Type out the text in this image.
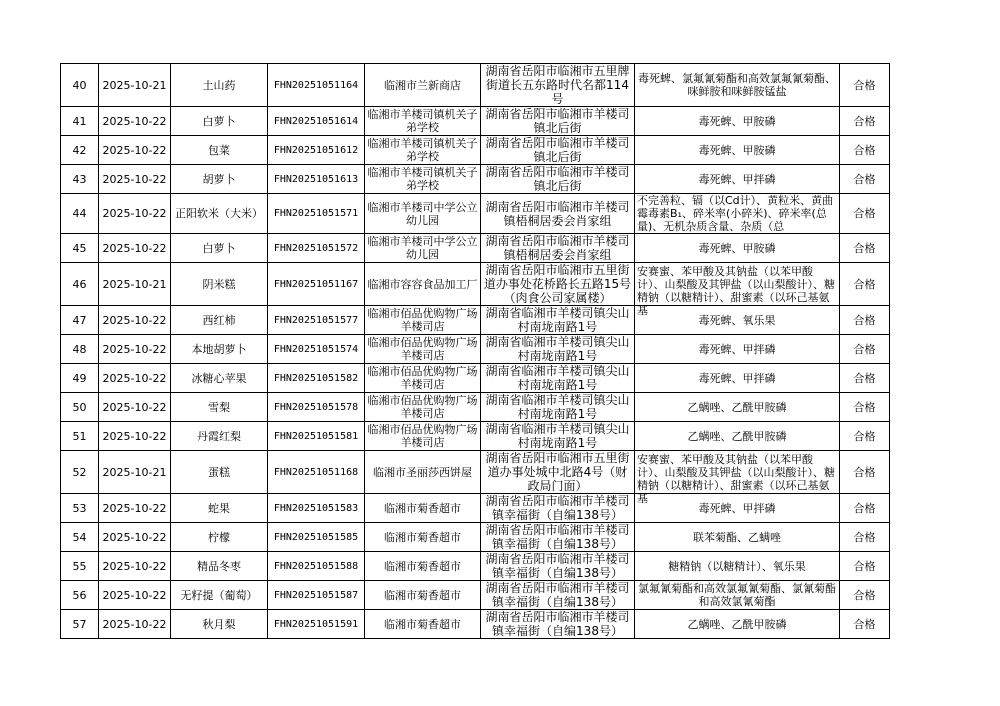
40	2025-10-21	土山药	FHN20251051164	临湘市兰新商店	湖南省岳阳市临湘市五里牌街道长五东路时代名都114号	毒死蜱、氯氟氰菊酯和高效氯氟氰菊酯、咪鲜胺和咪鲜胺锰盐	合格

41	2025-10-22	白萝卜	FHN20251051614	临湘市羊楼司镇机关子弟学校	湖南省岳阳市临湘市羊楼司镇北后街	毒死蜱、甲胺磷	合格

42	2025-10-22	包菜	FHN20251051612	临湘市羊楼司镇机关子弟学校	湖南省岳阳市临湘市羊楼司镇北后街	毒死蜱、甲胺磷	合格

43	2025-10-22	胡萝卜	FHN20251051613	临湘市羊楼司镇机关子弟学校	湖南省岳阳市临湘市羊楼司镇北后街	毒死蜱、甲拌磷	合格

44	2025-10-22	正阳软米（大米）	FHN20251051571	临湘市羊楼司中学公立幼儿园	湖南省岳阳市临湘市羊楼司镇梧桐居委会肖家组	不完善粒、镉（以Cd计）、黄粒米、黄曲霉毒素B₁、碎米率(小碎米)、碎米率(总量)、无机杂质含量、杂质（总	合格

45	2025-10-22	白萝卜	FHN20251051572	临湘市羊楼司中学公立幼儿园	湖南省岳阳市临湘市羊楼司镇梧桐居委会肖家组	毒死蜱、甲胺磷	合格

46	2025-10-21	阴米糕	FHN20251051167	临湘市容容食品加工厂	湖南省岳阳市临湘市五里街道办事处花桥路长五路15号（肉食公司家属楼）	安赛蜜、苯甲酸及其钠盐（以苯甲酸计）、山梨酸及其钾盐（以山梨酸计）、糖精钠（以糖精计）、甜蜜素（以环己基氨基	合格

47	2025-10-22	西红柿	FHN20251051577	临湘市佰品优购物广场羊楼司店	湖南省临湘市羊楼司镇尖山村南垅南路1号	毒死蜱、氧乐果	合格

48	2025-10-22	本地胡萝卜	FHN20251051574	临湘市佰品优购物广场羊楼司店	湖南省临湘市羊楼司镇尖山村南垅南路1号	毒死蜱、甲拌磷	合格

49	2025-10-22	冰糖心苹果	FHN20251051582	临湘市佰品优购物广场羊楼司店	湖南省临湘市羊楼司镇尖山村南垅南路1号	毒死蜱、甲拌磷	合格

50	2025-10-22	雪梨	FHN20251051578	临湘市佰品优购物广场羊楼司店	湖南省临湘市羊楼司镇尖山村南垅南路1号	乙螨唑、乙酰甲胺磷	合格

51	2025-10-22	丹霞红梨	FHN20251051581	临湘市佰品优购物广场羊楼司店	湖南省临湘市羊楼司镇尖山村南垅南路1号	乙螨唑、乙酰甲胺磷	合格

52	2025-10-21	蛋糕	FHN20251051168	临湘市圣丽莎西饼屋	湖南省岳阳市临湘市五里街道办事处城中北路4号（财政局门面）	安赛蜜、苯甲酸及其钠盐（以苯甲酸计）、山梨酸及其钾盐（以山梨酸计）、糖精钠（以糖精计）、甜蜜素（以环己基氨基	合格

53	2025-10-22	蛇果	FHN20251051583	临湘市菊香超市	湖南省岳阳市临湘市羊楼司镇幸福街（自编138号）	毒死蜱、甲拌磷	合格

54	2025-10-22	柠檬	FHN20251051585	临湘市菊香超市	湖南省岳阳市临湘市羊楼司镇幸福街（自编138号）	联苯菊酯、乙螨唑	合格

55	2025-10-22	精品冬枣	FHN20251051588	临湘市菊香超市	湖南省岳阳市临湘市羊楼司镇幸福街（自编138号）	糖精钠（以糖精计）、氧乐果	合格

56	2025-10-22	无籽提（葡萄）	FHN20251051587	临湘市菊香超市	湖南省岳阳市临湘市羊楼司镇幸福街（自编138号）	氯氟氰菊酯和高效氯氟氰菊酯、氯氰菊酯和高效氯氰菊酯	合格

57	2025-10-22	秋月梨	FHN20251051591	临湘市菊香超市	湖南省岳阳市临湘市羊楼司镇幸福街（自编138号）	乙螨唑、乙酰甲胺磷	合格
